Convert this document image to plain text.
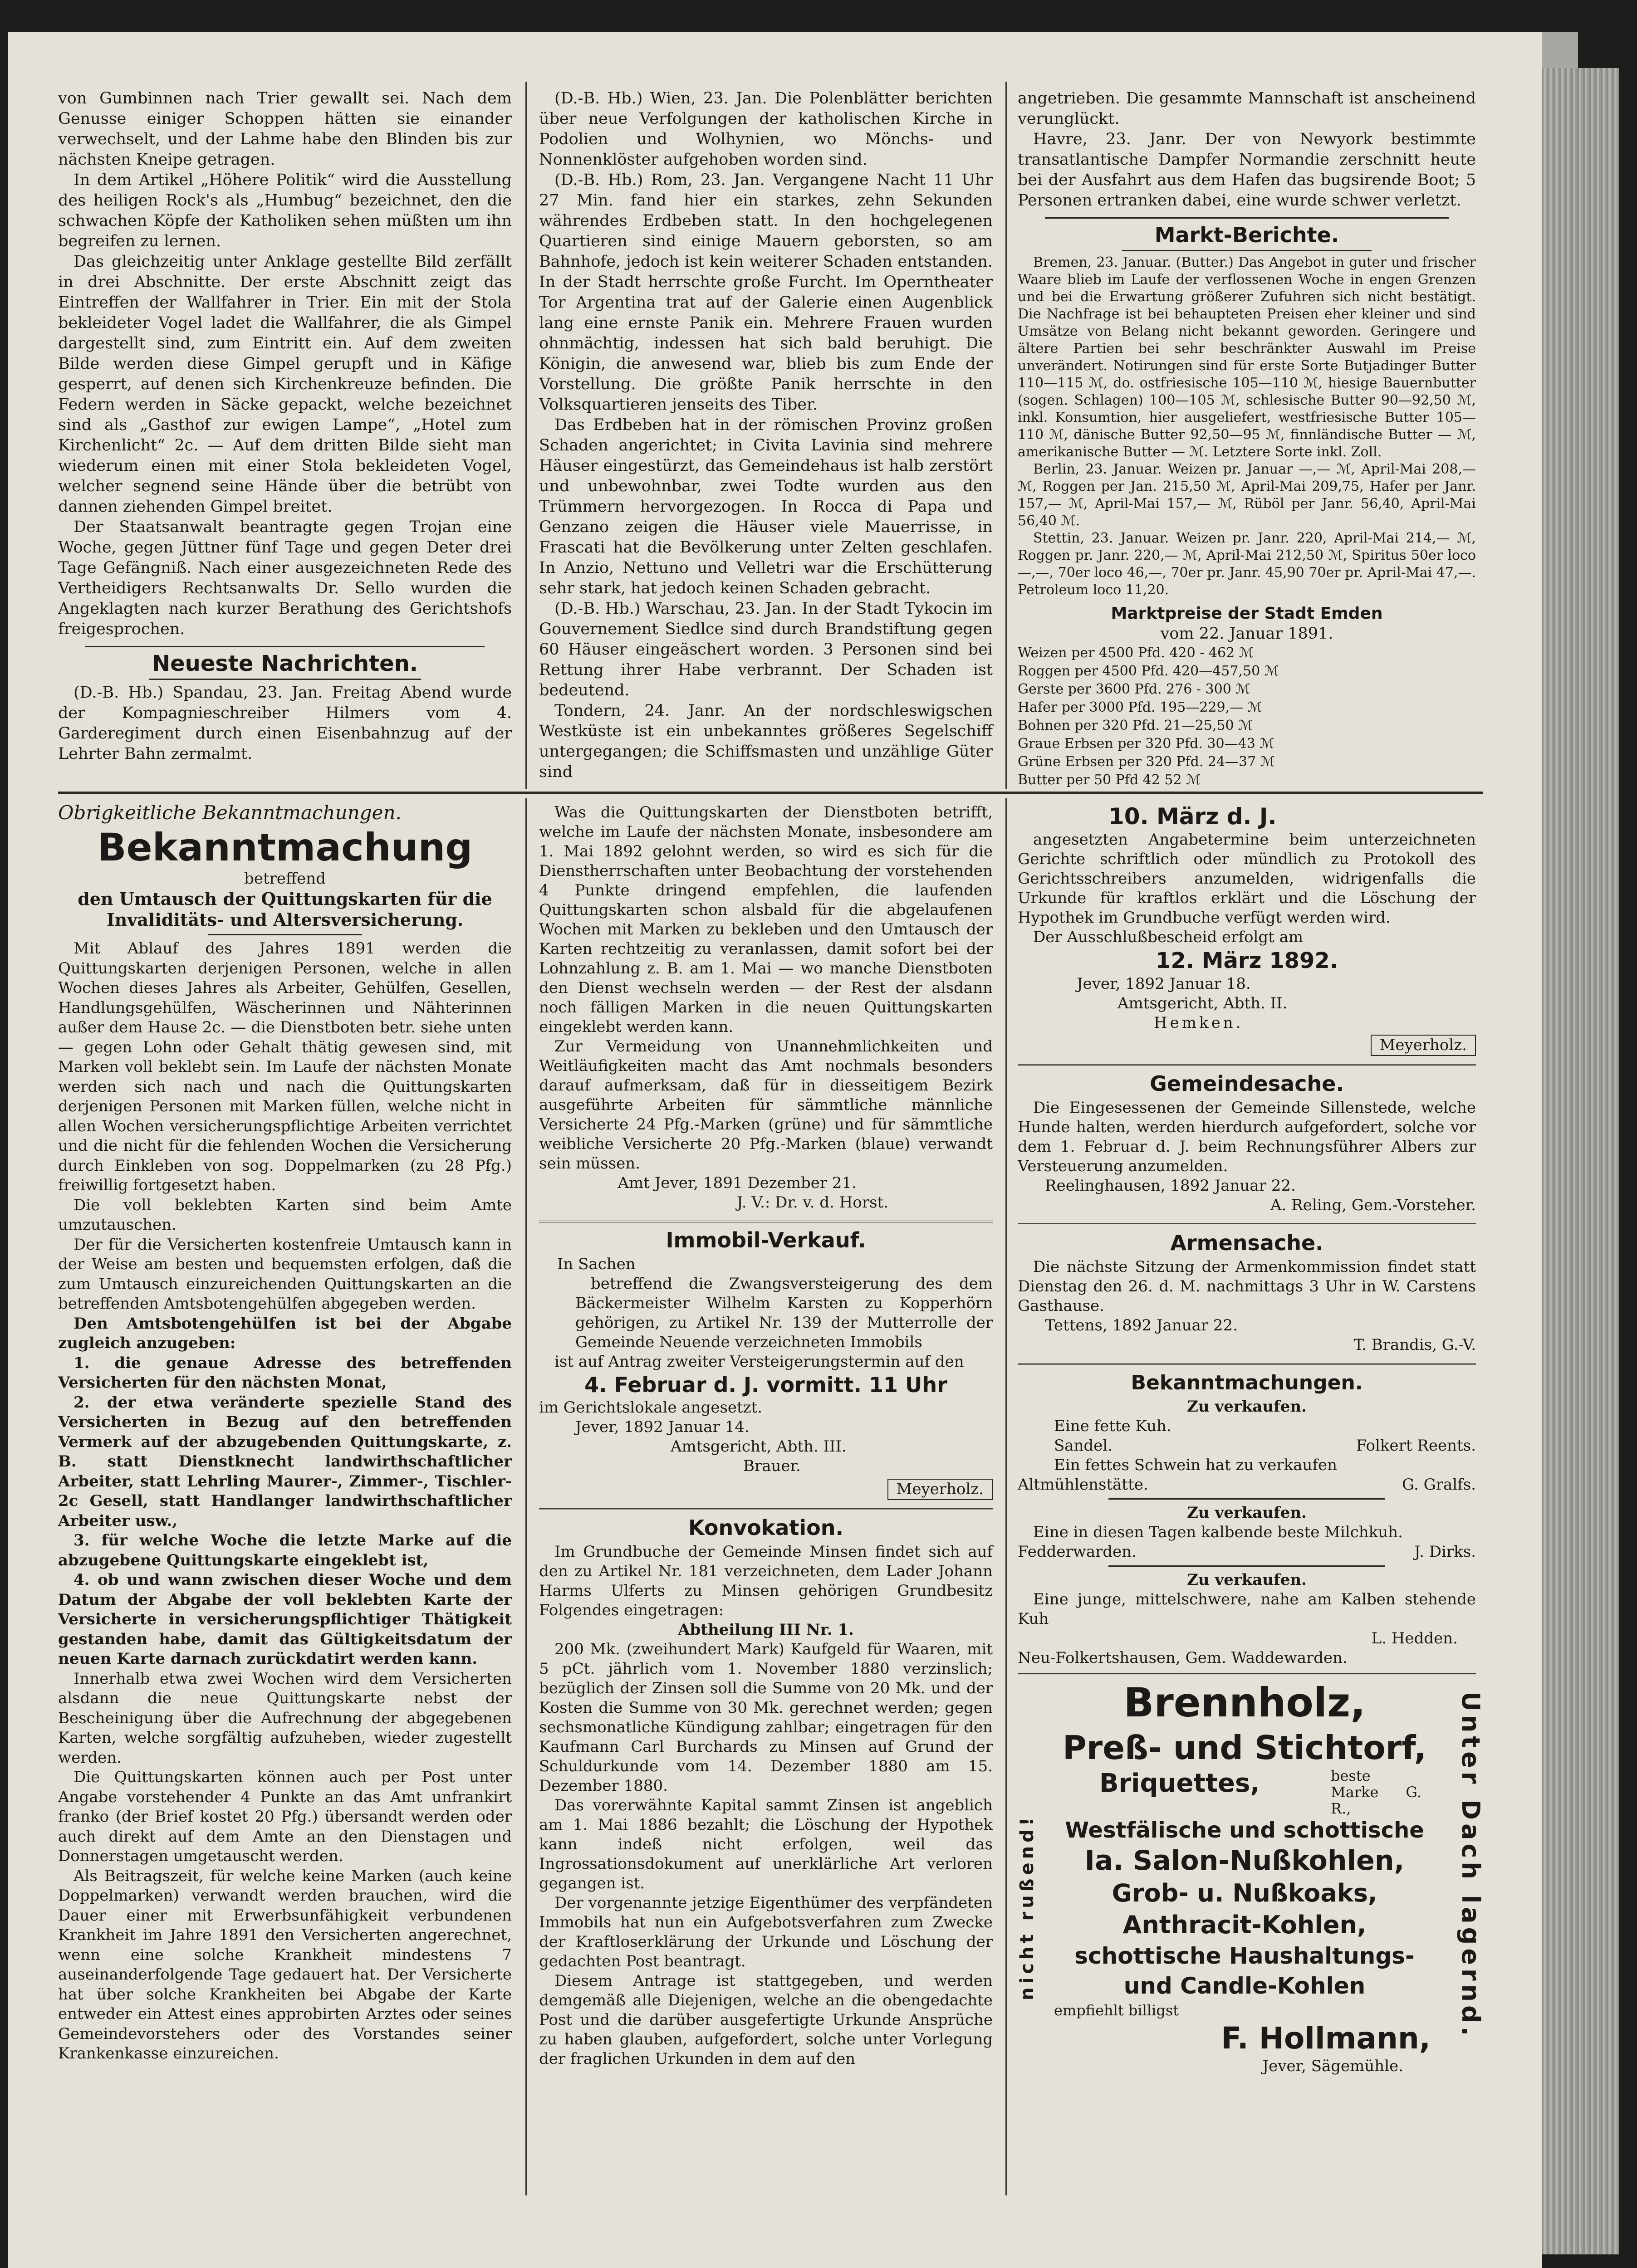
von Gumbinnen nach Trier gewallt sei. Nach dem Genusse einiger Schoppen hätten sie einander verwechselt, und der Lahme habe den Blinden bis zur nächsten Kneipe getragen.

In dem Artikel „Höhere Politik“ wird die Ausstellung des heiligen Rock's als „Humbug“ bezeichnet, den die schwachen Köpfe der Katholiken sehen müßten um ihn begreifen zu lernen.

Das gleichzeitig unter Anklage gestellte Bild zerfällt in drei Abschnitte. Der erste Abschnitt zeigt das Eintreffen der Wallfahrer in Trier. Ein mit der Stola bekleideter Vogel ladet die Wallfahrer, die als Gimpel dargestellt sind, zum Eintritt ein. Auf dem zweiten Bilde werden diese Gimpel gerupft und in Käfige gesperrt, auf denen sich Kirchenkreuze befinden. Die Federn werden in Säcke gepackt, welche bezeichnet sind als „Gasthof zur ewigen Lampe“, „Hotel zum Kirchenlicht“ 2c. — Auf dem dritten Bilde sieht man wiederum einen mit einer Stola bekleideten Vogel, welcher segnend seine Hände über die betrübt von dannen ziehenden Gimpel breitet.

Der Staatsanwalt beantragte gegen Trojan eine Woche, gegen Jüttner fünf Tage und gegen Deter drei Tage Gefängniß. Nach einer ausgezeichneten Rede des Vertheidigers Rechtsanwalts Dr. Sello wurden die Angeklagten nach kurzer Berathung des Gerichtshofs freigesprochen.

Neueste Nachrichten.

(D.-B. Hb.) Spandau, 23. Jan. Freitag Abend wurde der Kompagnieschreiber Hilmers vom 4. Garderegiment durch einen Eisenbahnzug auf der Lehrter Bahn zermalmt.

(D.-B. Hb.) Wien, 23. Jan. Die Polenblätter berichten über neue Verfolgungen der katholischen Kirche in Podolien und Wolhynien, wo Mönchs- und Nonnenklöster aufgehoben worden sind.

(D.-B. Hb.) Rom, 23. Jan. Vergangene Nacht 11 Uhr 27 Min. fand hier ein starkes, zehn Sekunden währendes Erdbeben statt. In den hochgelegenen Quartieren sind einige Mauern geborsten, so am Bahnhofe, jedoch ist kein weiterer Schaden entstanden. In der Stadt herrschte große Furcht. Im Operntheater Tor Argentina trat auf der Galerie einen Augenblick lang eine ernste Panik ein. Mehrere Frauen wurden ohnmächtig, indessen hat sich bald beruhigt. Die Königin, die anwesend war, blieb bis zum Ende der Vorstellung. Die größte Panik herrschte in den Volksquartieren jenseits des Tiber.

Das Erdbeben hat in der römischen Provinz großen Schaden angerichtet; in Civita Lavinia sind mehrere Häuser eingestürzt, das Gemeindehaus ist halb zerstört und unbewohnbar, zwei Todte wurden aus den Trümmern hervorgezogen. In Rocca di Papa und Genzano zeigen die Häuser viele Mauerrisse, in Frascati hat die Bevölkerung unter Zelten geschlafen. In Anzio, Nettuno und Velletri war die Erschütterung sehr stark, hat jedoch keinen Schaden gebracht.

(D.-B. Hb.) Warschau, 23. Jan. In der Stadt Tykocin im Gouvernement Siedlce sind durch Brandstiftung gegen 60 Häuser eingeäschert worden. 3 Personen sind bei Rettung ihrer Habe verbrannt. Der Schaden ist bedeutend.

Tondern, 24. Janr. An der nordschleswigschen Westküste ist ein unbekanntes größeres Segelschiff untergegangen; die Schiffsmasten und unzählige Güter sind

angetrieben. Die gesammte Mannschaft ist anscheinend verunglückt.

Havre, 23. Janr. Der von Newyork bestimmte transatlantische Dampfer Normandie zerschnitt heute bei der Ausfahrt aus dem Hafen das bugsirende Boot; 5 Personen ertranken dabei, eine wurde schwer verletzt.

Markt-Berichte.

Bremen, 23. Januar. (Butter.) Das Angebot in guter und frischer Waare blieb im Laufe der verflossenen Woche in engen Grenzen und bei die Erwartung größerer Zufuhren sich nicht bestätigt. Die Nachfrage ist bei behaupteten Preisen eher kleiner und sind Umsätze von Belang nicht bekannt geworden. Geringere und ältere Partien bei sehr beschränkter Auswahl im Preise unverändert. Notirungen sind für erste Sorte Butjadinger Butter 110—115 ℳ, do. ostfriesische 105—110 ℳ, hiesige Bauernbutter (sogen. Schlagen) 100—105 ℳ, schlesische Butter 90—92,50 ℳ, inkl. Konsumtion, hier ausgeliefert, westfriesische Butter 105—110 ℳ, dänische Butter 92,50—95 ℳ, finnländische Butter — ℳ, amerikanische Butter — ℳ. Letztere Sorte inkl. Zoll.

Berlin, 23. Januar. Weizen pr. Januar —,— ℳ, April-Mai 208,— ℳ, Roggen per Jan. 215,50 ℳ, April-Mai 209,75, Hafer per Janr. 157,— ℳ, April-Mai 157,— ℳ, Rüböl per Janr. 56,40, April-Mai 56,40 ℳ.

Stettin, 23. Januar. Weizen pr. Janr. 220, April-Mai 214,— ℳ, Roggen pr. Janr. 220,— ℳ, April-Mai 212,50 ℳ, Spiritus 50er loco —,—, 70er loco 46,—, 70er pr. Janr. 45,90 70er pr. April-Mai 47,—. Petroleum loco 11,20.

Marktpreise der Stadt Emden
vom 22. Januar 1891.
Weizen per 4500 Pfd. 420 - 462 ℳ
Roggen per 4500 Pfd. 420—457,50 ℳ
Gerste per 3600 Pfd. 276 - 300 ℳ
Hafer per 3000 Pfd. 195—229,— ℳ
Bohnen per 320 Pfd. 21—25,50 ℳ
Graue Erbsen per 320 Pfd. 30—43 ℳ
Grüne Erbsen per 320 Pfd. 24—37 ℳ
Butter per 50 Pfd 42 52 ℳ
Obrigkeitliche Bekanntmachungen.
Bekanntmachung
betreffend
den Umtausch der Quittungskarten für die Invaliditäts- und Altersversicherung.

Mit Ablauf des Jahres 1891 werden die Quittungskarten derjenigen Personen, welche in allen Wochen dieses Jahres als Arbeiter, Gehülfen, Gesellen, Handlungsgehülfen, Wäscherinnen und Nähterinnen außer dem Hause 2c. — die Dienstboten betr. siehe unten — gegen Lohn oder Gehalt thätig gewesen sind, mit Marken voll beklebt sein. Im Laufe der nächsten Monate werden sich nach und nach die Quittungskarten derjenigen Personen mit Marken füllen, welche nicht in allen Wochen versicherungspflichtige Arbeiten verrichtet und die nicht für die fehlenden Wochen die Versicherung durch Einkleben von sog. Doppelmarken (zu 28 Pfg.) freiwillig fortgesetzt haben.

Die voll beklebten Karten sind beim Amte umzutauschen.

Der für die Versicherten kostenfreie Umtausch kann in der Weise am besten und bequemsten erfolgen, daß die zum Umtausch einzureichenden Quittungskarten an die betreffenden Amtsbotengehülfen abgegeben werden.

Den Amtsbotengehülfen ist bei der Abgabe zugleich anzugeben:

1. die genaue Adresse des betreffenden Versicherten für den nächsten Monat,

2. der etwa veränderte spezielle Stand des Versicherten in Bezug auf den betreffenden Vermerk auf der abzugebenden Quittungskarte, z. B. statt Dienstknecht landwirthschaftlicher Arbeiter, statt Lehrling Maurer-, Zimmer-, Tischler- 2c Gesell, statt Handlanger landwirthschaftlicher Arbeiter usw.,

3. für welche Woche die letzte Marke auf die abzugebene Quittungskarte eingeklebt ist,

4. ob und wann zwischen dieser Woche und dem Datum der Abgabe der voll beklebten Karte der Versicherte in versicherungspflichtiger Thätigkeit gestanden habe, damit das Gültigkeitsdatum der neuen Karte darnach zurückdatirt werden kann.

Innerhalb etwa zwei Wochen wird dem Versicherten alsdann die neue Quittungskarte nebst der Bescheinigung über die Aufrechnung der abgegebenen Karten, welche sorgfältig aufzuheben, wieder zugestellt werden.

Die Quittungskarten können auch per Post unter Angabe vorstehender 4 Punkte an das Amt unfrankirt franko (der Brief kostet 20 Pfg.) übersandt werden oder auch direkt auf dem Amte an den Dienstagen und Donnerstagen umgetauscht werden.

Als Beitragszeit, für welche keine Marken (auch keine Doppelmarken) verwandt werden brauchen, wird die Dauer einer mit Erwerbsunfähigkeit verbundenen Krankheit im Jahre 1891 den Versicherten angerechnet, wenn eine solche Krankheit mindestens 7 auseinanderfolgende Tage gedauert hat. Der Versicherte hat über solche Krankheiten bei Abgabe der Karte entweder ein Attest eines approbirten Arztes oder seines Gemeindevorstehers oder des Vorstandes seiner Krankenkasse einzureichen.

Was die Quittungskarten der Dienstboten betrifft, welche im Laufe der nächsten Monate, insbesondere am 1. Mai 1892 gelohnt werden, so wird es sich für die Dienstherrschaften unter Beobachtung der vorstehenden 4 Punkte dringend empfehlen, die laufenden Quittungskarten schon alsbald für die abgelaufenen Wochen mit Marken zu bekleben und den Umtausch der Karten rechtzeitig zu veranlassen, damit sofort bei der Lohnzahlung z. B. am 1. Mai — wo manche Dienstboten den Dienst wechseln werden — der Rest der alsdann noch fälligen Marken in die neuen Quittungskarten eingeklebt werden kann.

Zur Vermeidung von Unannehmlichkeiten und Weitläufigkeiten macht das Amt nochmals besonders darauf aufmerksam, daß für in diesseitigem Bezirk ausgeführte Arbeiten für sämmtliche männliche Versicherte 24 Pfg.-Marken (grüne) und für sämmtliche weibliche Versicherte 20 Pfg.-Marken (blaue) verwandt sein müssen.

Amt Jever, 1891 Dezember 21.
J. V.: Dr. v. d. Horst.
Immobil-Verkauf.
In Sachen

betreffend die Zwangsversteigerung des dem Bäckermeister Wilhelm Karsten zu Kopperhörn gehörigen, zu Artikel Nr. 139 der Mutterrolle der Gemeinde Neuende verzeichneten Immobils

ist auf Antrag zweiter Versteigerungstermin auf den

4. Februar d. J. vormitt. 11 Uhr
im Gerichtslokale angesetzt.
Jever, 1892 Januar 14.
Amtsgericht, Abth. III.
Brauer.
Meyerholz.
Konvokation.

Im Grundbuche der Gemeinde Minsen findet sich auf den zu Artikel Nr. 181 verzeichneten, dem Lader Johann Harms Ulferts zu Minsen gehörigen Grundbesitz Folgendes eingetragen:

Abtheilung III Nr. 1.

200 Mk. (zweihundert Mark) Kaufgeld für Waaren, mit 5 pCt. jährlich vom 1. November 1880 verzinslich; bezüglich der Zinsen soll die Summe von 20 Mk. und der Kosten die Summe von 30 Mk. gerechnet werden; gegen sechsmonatliche Kündigung zahlbar; eingetragen für den Kaufmann Carl Burchards zu Minsen auf Grund der Schuldurkunde vom 14. Dezember 1880 am 15. Dezember 1880.

Das vorerwähnte Kapital sammt Zinsen ist angeblich am 1. Mai 1886 bezahlt; die Löschung der Hypothek kann indeß nicht erfolgen, weil das Ingrossationsdokument auf unerklärliche Art verloren gegangen ist.

Der vorgenannte jetzige Eigenthümer des verpfändeten Immobils hat nun ein Aufgebotsverfahren zum Zwecke der Kraftloserklärung der Urkunde und Löschung der gedachten Post beantragt.

Diesem Antrage ist stattgegeben, und werden demgemäß alle Diejenigen, welche an die obengedachte Post und die darüber ausgefertigte Urkunde Ansprüche zu haben glauben, aufgefordert, solche unter Vorlegung der fraglichen Urkunden in dem auf den

10. März d. J.

angesetzten Angabetermine beim unterzeichneten Gerichte schriftlich oder mündlich zu Protokoll des Gerichtsschreibers anzumelden, widrigenfalls die Urkunde für kraftlos erklärt und die Löschung der Hypothek im Grundbuche verfügt werden wird.

Der Ausschlußbescheid erfolgt am

12. März 1892.
Jever, 1892 Januar 18.
Amtsgericht, Abth. II.
Hemken.
Meyerholz.
Gemeindesache.

Die Eingesessenen der Gemeinde Sillenstede, welche Hunde halten, werden hierdurch aufgefordert, solche vor dem 1. Februar d. J. beim Rechnungsführer Albers zur Versteuerung anzumelden.

Reelinghausen, 1892 Januar 22.
A. Reling, Gem.-Vorsteher.
Armensache.

Die nächste Sitzung der Armenkommission findet statt Dienstag den 26. d. M. nachmittags 3 Uhr in W. Carstens Gasthause.

Tettens, 1892 Januar 22.
T. Brandis, G.-V.
Bekanntmachungen.
Zu verkaufen.
Eine fette Kuh.
Sandel.	Folkert Reents.
Ein fettes Schwein hat zu verkaufen
Altmühlenstätte.	G. Gralfs.
Zu verkaufen.

Eine in diesen Tagen kalbende beste Milchkuh.

Fedderwarden.	J. Dirks.
Zu verkaufen.

Eine junge, mittelschwere, nahe am Kalben stehende Kuh

L. Hedden.
Neu-Folkertshausen, Gem. Waddewarden.
nicht rußend!	Unter Dach lagernd.
Brennholz,
Preß- und Stichtorf,
Briquettes,	beste Marke G. R.,
Westfälische und schottische
Ia. Salon-Nußkohlen,
Grob- u. Nußkoaks,
Anthracit-Kohlen,
schottische Haushaltungs-
und Candle-Kohlen
empfiehlt billigst
F. Hollmann,
Jever, Sägemühle.
